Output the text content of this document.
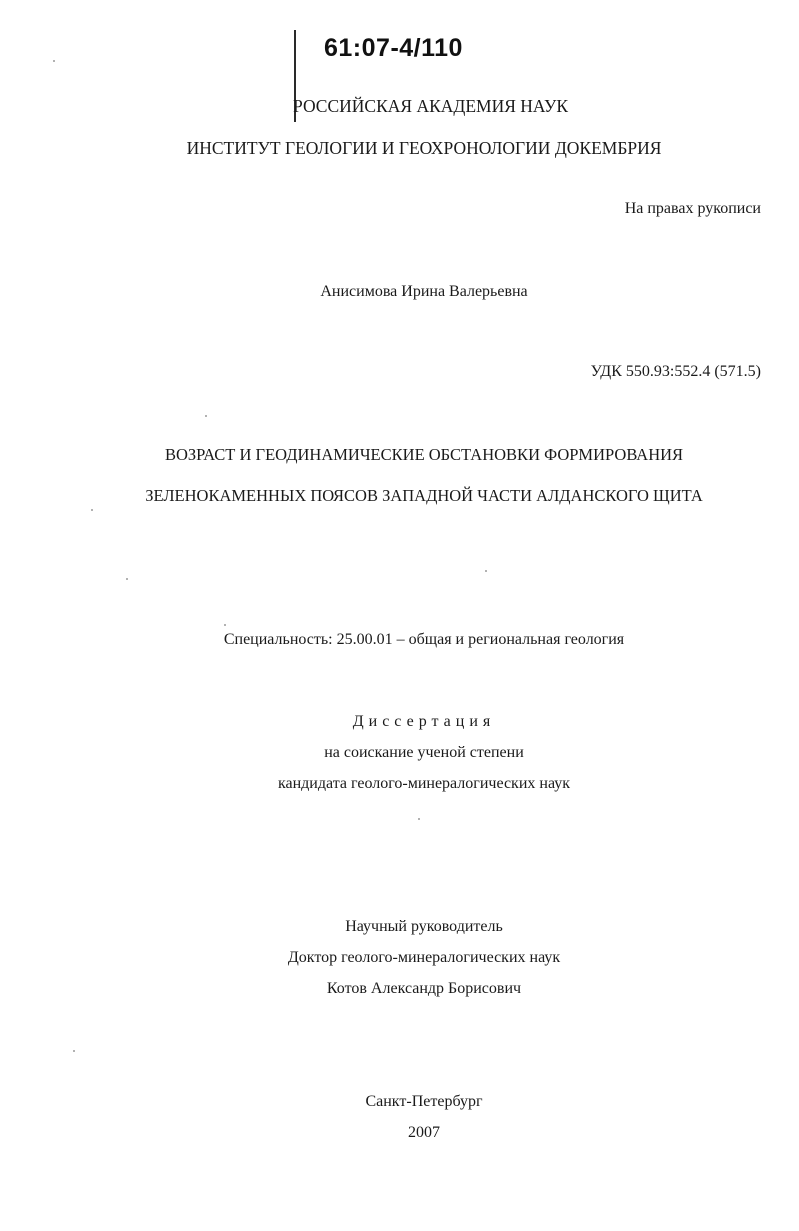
61:07-4/110
РОССИЙСКАЯ АКАДЕМИЯ НАУК
ИНСТИТУТ ГЕОЛОГИИ И ГЕОХРОНОЛОГИИ ДОКЕМБРИЯ
На правах рукописи
Анисимова Ирина Валерьевна
УДК 550.93:552.4 (571.5)
ВОЗРАСТ И ГЕОДИНАМИЧЕСКИЕ ОБСТАНОВКИ ФОРМИРОВАНИЯ
ЗЕЛЕНОКАМЕННЫХ ПОЯСОВ ЗАПАДНОЙ ЧАСТИ АЛДАНСКОГО ЩИТА
Специальность: 25.00.01 – общая и региональная геология
Диссертация
на соискание ученой степени
кандидата геолого-минералогических наук
Научный руководитель
Доктор геолого-минералогических наук
Котов Александр Борисович
Санкт-Петербург
2007
